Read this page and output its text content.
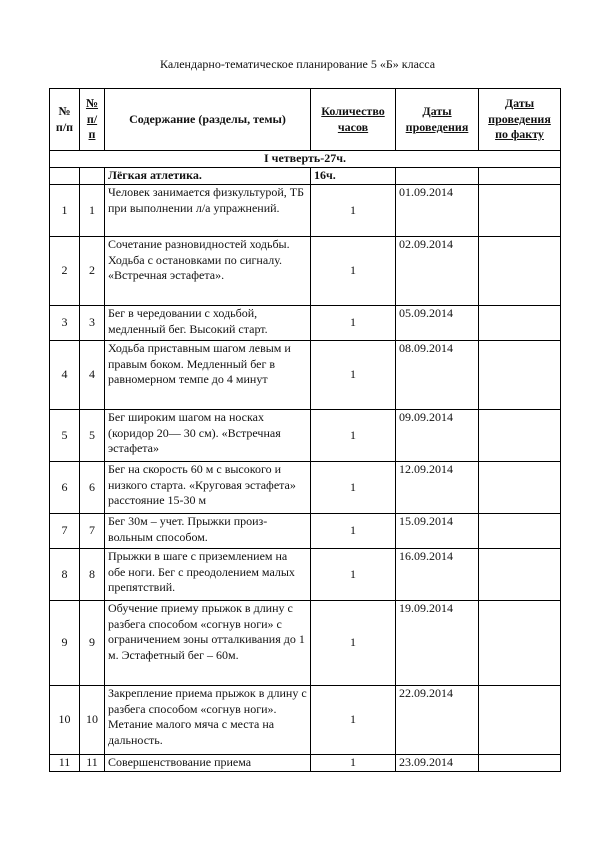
Календарно-тематическое планирование 5 «Б» класса
№ п/п	№ п/ п	Содержание (разделы, темы)	Количество часов	Даты проведения	Даты проведения по факту
I четверть-27ч.					
		Лёгкая атлетика.	16ч.		
1	1	Человек занимается физкультурой, ТБ при выполнении л/а упражнений.	1	01.09.2014	
2	2	Сочетание разновидностей ходьбы. Ходьба с остановками по сигналу. «Встречная эстафета».	1	02.09.2014	
3	3	Бег в чередовании с ходьбой, медленный бег. Высокий старт.	1	05.09.2014	
4	4	Ходьба приставным шагом левым и правым боком. Медленный бег в равномерном темпе до 4 минут	1	08.09.2014	
5	5	Бег широким шагом на носках (коридор 20— 30 см). «Встречная эстафета»	1	09.09.2014	
6	6	Бег на скорость 60 м с высокого и низкого старта. «Круговая эстафета» расстояние 15-30 м	1	12.09.2014	
7	7	Бег 30м – учет. Прыжки произ-вольным способом.	1	15.09.2014	
8	8	Прыжки в шаге с приземлением на обе ноги. Бег с преодолением малых препятствий.	1	16.09.2014	
9	9	Обучение приему прыжок в длину с разбега способом «согнув ноги» с ограничением зоны отталкивания до 1 м. Эстафетный бег – 60м.	1	19.09.2014	
10	10	Закрепление приема прыжок в длину с разбега способом «согнув ноги». Метание малого мяча с места на дальность.	1	22.09.2014	
11	11	Совершенствование приема	1	23.09.2014	
